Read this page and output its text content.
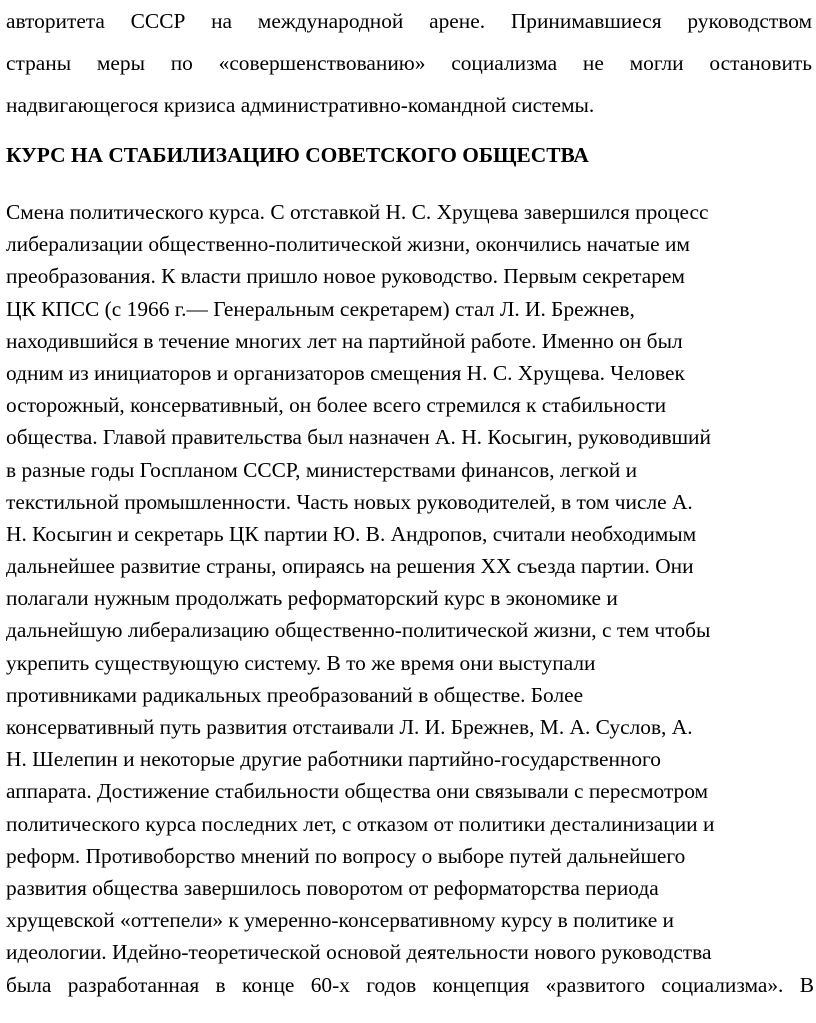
авторитета СССР на международной арене. Принимавшиеся руководством
страны меры по «совершенствованию» социализма не могли остановить
надвигающегося кризиса административно-командной системы.
КУРС НА СТАБИЛИЗАЦИЮ СОВЕТСКОГО ОБЩЕСТВА
Смена политического курса. С отставкой Н. С. Хрущева завершился процесс
либерализации общественно-политической жизни, окончились начатые им
преобразования. К власти пришло новое руководство. Первым секретарем
ЦК КПСС (с 1966 г.— Генеральным секретарем) стал Л. И. Брежнев,
находившийся в течение многих лет на партийной работе. Именно он был
одним из инициаторов и организаторов смещения Н. С. Хрущева. Человек
осторожный, консервативный, он более всего стремился к стабильности
общества. Главой правительства был назначен А. Н. Косыгин, руководивший
в разные годы Госпланом СССР, министерствами финансов, легкой и
текстильной промышленности. Часть новых руководителей, в том числе А.
Н. Косыгин и секретарь ЦК партии Ю. В. Андропов, считали необходимым
дальнейшее развитие страны, опираясь на решения XX съезда партии. Они
полагали нужным продолжать реформаторский курс в экономике и
дальнейшую либерализацию общественно-политической жизни, с тем чтобы
укрепить существующую систему. В то же время они выступали
противниками радикальных преобразований в обществе. Более
консервативный путь развития отстаивали Л. И. Брежнев, М. А. Суслов, А.
Н. Шелепин и некоторые другие работники партийно-государственного
аппарата. Достижение стабильности общества они связывали с пересмотром
политического курса последних лет, с отказом от политики десталинизации и
реформ. Противоборство мнений по вопросу о выборе путей дальнейшего
развития общества завершилось поворотом от реформаторства периода
хрущевской «оттепели» к умеренно-консервативному курсу в политике и
идеологии. Идейно-теоретической основой деятельности нового руководства
была разработанная в конце 60-х годов концепция «развитого социализма». В
